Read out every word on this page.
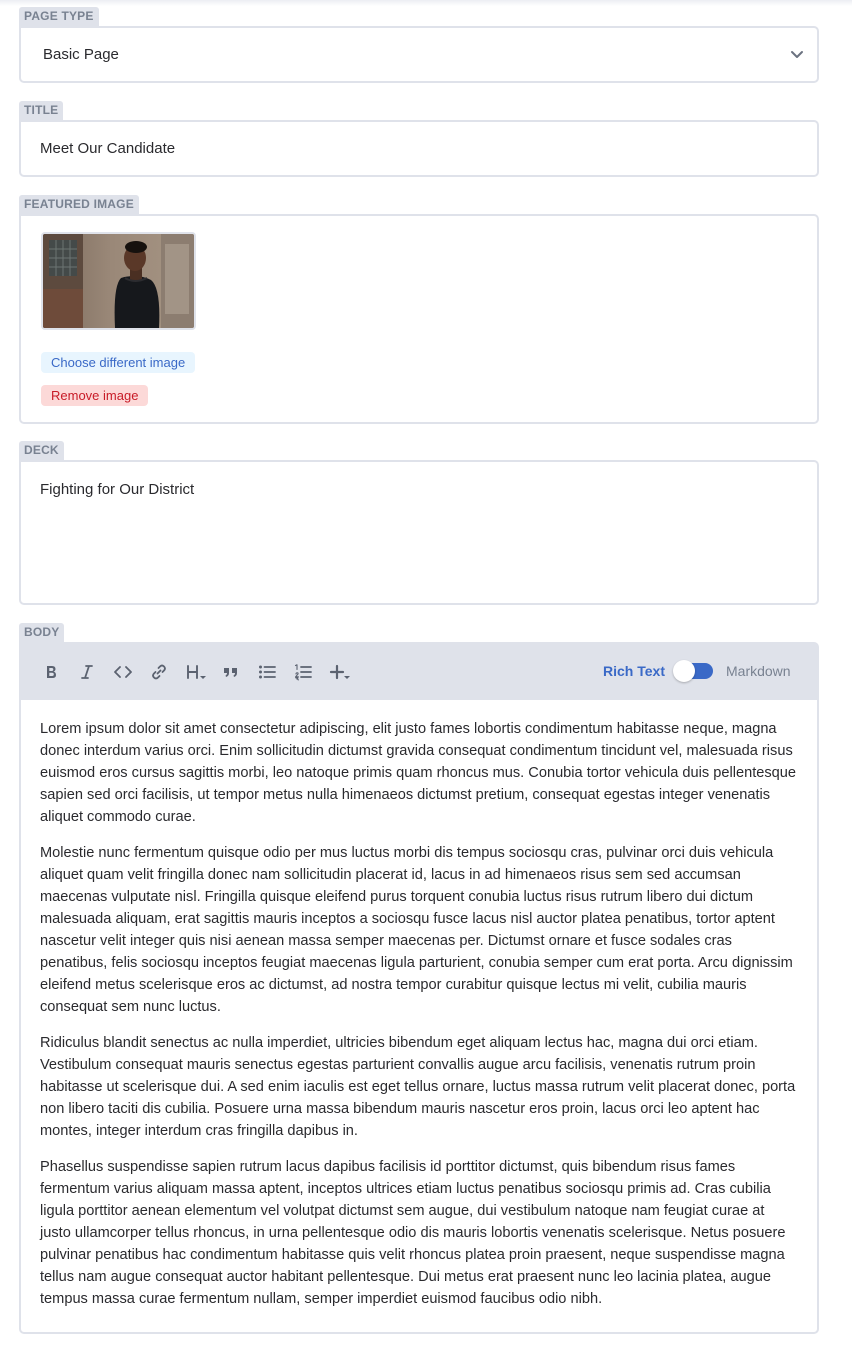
PAGE TYPE
Basic Page
TITLE
Meet Our Candidate
FEATURED IMAGE
Choose different image
Remove image
DECK
Fighting for Our District
BODY
Rich Text	Markdown

Lorem ipsum dolor sit amet consectetur adipiscing, elit justo fames lobortis condimentum habitasse neque, magna donec interdum varius orci. Enim sollicitudin dictumst gravida consequat condimentum tincidunt vel, malesuada risus euismod eros cursus sagittis morbi, leo natoque primis quam rhoncus mus. Conubia tortor vehicula duis pellentesque sapien sed orci facilisis, ut tempor metus nulla himenaeos dictumst pretium, consequat egestas integer venenatis aliquet commodo curae.

Molestie nunc fermentum quisque odio per mus luctus morbi dis tempus sociosqu cras, pulvinar orci duis vehicula aliquet quam velit fringilla donec nam sollicitudin placerat id, lacus in ad himenaeos risus sem sed accumsan maecenas vulputate nisl. Fringilla quisque eleifend purus torquent conubia luctus risus rutrum libero dui dictum malesuada aliquam, erat sagittis mauris inceptos a sociosqu fusce lacus nisl auctor platea penatibus, tortor aptent nascetur velit integer quis nisi aenean massa semper maecenas per. Dictumst ornare et fusce sodales cras penatibus, felis sociosqu inceptos feugiat maecenas ligula parturient, conubia semper cum erat porta. Arcu dignissim eleifend metus scelerisque eros ac dictumst, ad nostra tempor curabitur quisque lectus mi velit, cubilia mauris consequat sem nunc luctus.

Ridiculus blandit senectus ac nulla imperdiet, ultricies bibendum eget aliquam lectus hac, magna dui orci etiam. Vestibulum consequat mauris senectus egestas parturient convallis augue arcu facilisis, venenatis rutrum proin habitasse ut scelerisque dui. A sed enim iaculis est eget tellus ornare, luctus massa rutrum velit placerat donec, porta non libero taciti dis cubilia. Posuere urna massa bibendum mauris nascetur eros proin, lacus orci leo aptent hac montes, integer interdum cras fringilla dapibus in.

Phasellus suspendisse sapien rutrum lacus dapibus facilisis id porttitor dictumst, quis bibendum risus fames fermentum varius aliquam massa aptent, inceptos ultrices etiam luctus penatibus sociosqu primis ad. Cras cubilia ligula porttitor aenean elementum vel volutpat dictumst sem augue, dui vestibulum natoque nam feugiat curae at justo ullamcorper tellus rhoncus, in urna pellentesque odio dis mauris lobortis venenatis scelerisque. Netus posuere pulvinar penatibus hac condimentum habitasse quis velit rhoncus platea proin praesent, neque suspendisse magna tellus nam augue consequat auctor habitant pellentesque. Dui metus erat praesent nunc leo lacinia platea, augue tempus massa curae fermentum nullam, semper imperdiet euismod faucibus odio nibh.
